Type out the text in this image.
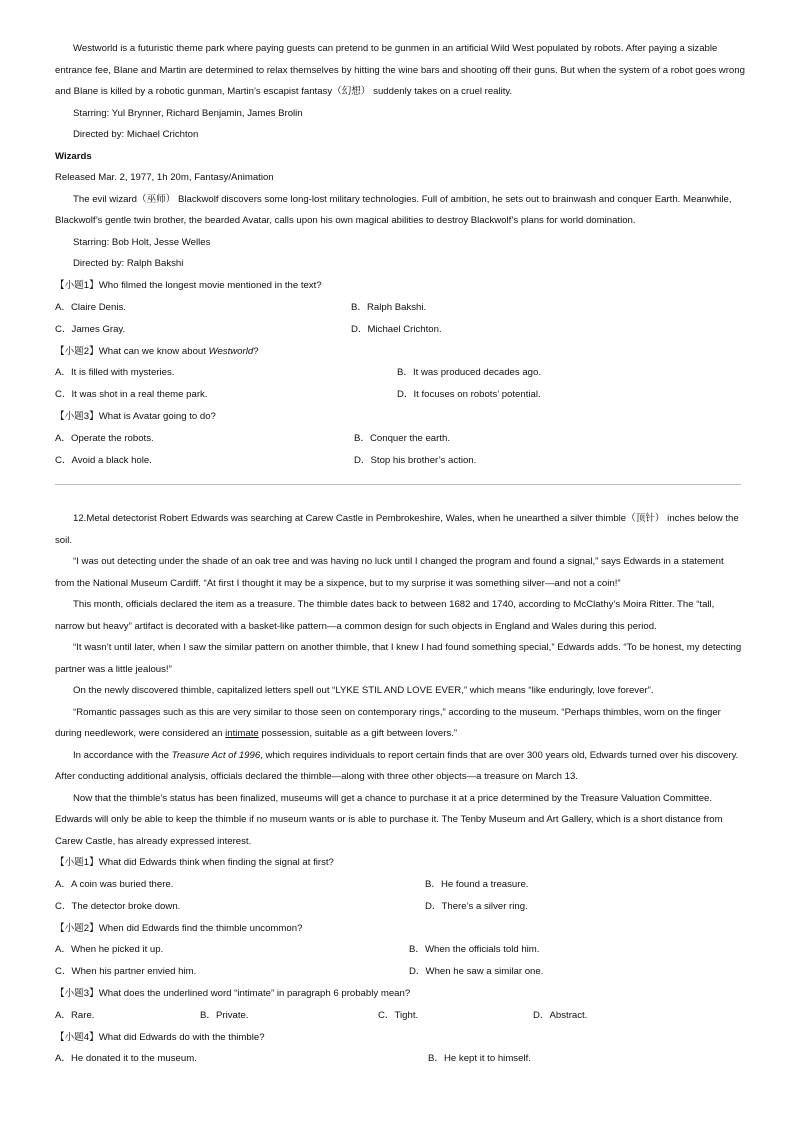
Westworld is a futuristic theme park where paying guests can pretend to be gunmen in an artificial Wild West populated by robots. After paying a sizable entrance fee, Blane and Martin are determined to relax themselves by hitting the wine bars and shooting off their guns. But when the system of a robot goes wrong and Blane is killed by a robotic gunman, Martin’s escapist fantasy（幻想） suddenly takes on a cruel reality.

Starring: Yul Brynner, Richard Benjamin, James Brolin

Directed by: Michael Crichton

Wizards

Released Mar. 2, 1977, 1h 20m, Fantasy/Animation

The evil wizard（巫师） Blackwolf discovers some long-lost military technologies. Full of ambition, he sets out to brainwash and conquer Earth. Meanwhile, Blackwolf’s gentle twin brother, the bearded Avatar, calls upon his own magical abilities to destroy Blackwolf’s plans for world domination.

Starring: Bob Holt, Jesse Welles

Directed by: Ralph Bakshi

【小题1】Who filmed the longest movie mentioned in the text?

A．Claire Denis.	B．Ralph Bakshi.
C．James Gray.	D．Michael Crichton.

【小题2】What can we know about Westworld?

A．It is filled with mysteries.	B．It was produced decades ago.
C．It was shot in a real theme park.	D．It focuses on robots’ potential.

【小题3】What is Avatar going to do?

A．Operate the robots.	B．Conquer the earth.
C．Avoid a black hole.	D．Stop his brother’s action.

12.Metal detectorist Robert Edwards was searching at Carew Castle in Pembrokeshire, Wales, when he unearthed a silver thimble（顶针） inches below the soil.

“I was out detecting under the shade of an oak tree and was having no luck until I changed the program and found a signal,” says Edwards in a statement from the National Museum Cardiff. “At first I thought it may be a sixpence, but to my surprise it was something silver—and not a coin!”

This month, officials declared the item as a treasure. The thimble dates back to between 1682 and 1740, according to McClathy’s Moira Ritter. The “tall, narrow but heavy” artifact is decorated with a basket-like pattern—a common design for such objects in England and Wales during this period.

“It wasn’t until later, when I saw the similar pattern on another thimble, that I knew I had found something special,” Edwards adds. “To be honest, my detecting partner was a little jealous!”

On the newly discovered thimble, capitalized letters spell out “LYKE STIL AND LOVE EVER,” which means “like enduringly, love forever”.

“Romantic passages such as this are very similar to those seen on contemporary rings,” according to the museum. “Perhaps thimbles, worn on the finger during needlework, were considered an intimate possession, suitable as a gift between lovers.”

In accordance with the Treasure Act of 1996, which requires individuals to report certain finds that are over 300 years old, Edwards turned over his discovery. After conducting additional analysis, officials declared the thimble—along with three other objects—a treasure on March 13.

Now that the thimble’s status has been finalized, museums will get a chance to purchase it at a price determined by the Treasure Valuation Committee. Edwards will only be able to keep the thimble if no museum wants or is able to purchase it. The Tenby Museum and Art Gallery, which is a short distance from Carew Castle, has already expressed interest.

【小题1】What did Edwards think when finding the signal at first?

A．A coin was buried there.	B．He found a treasure.
C．The detector broke down.	D．There’s a silver ring.

【小题2】When did Edwards find the thimble uncommon?

A．When he picked it up.	B．When the officials told him.
C．When his partner envied him.	D．When he saw a similar one.

【小题3】What does the underlined word “intimate” in paragraph 6 probably mean?

A．Rare.	B．Private.	C．Tight.	D．Abstract.

【小题4】What did Edwards do with the thimble?

A．He donated it to the museum.	B．He kept it to himself.
